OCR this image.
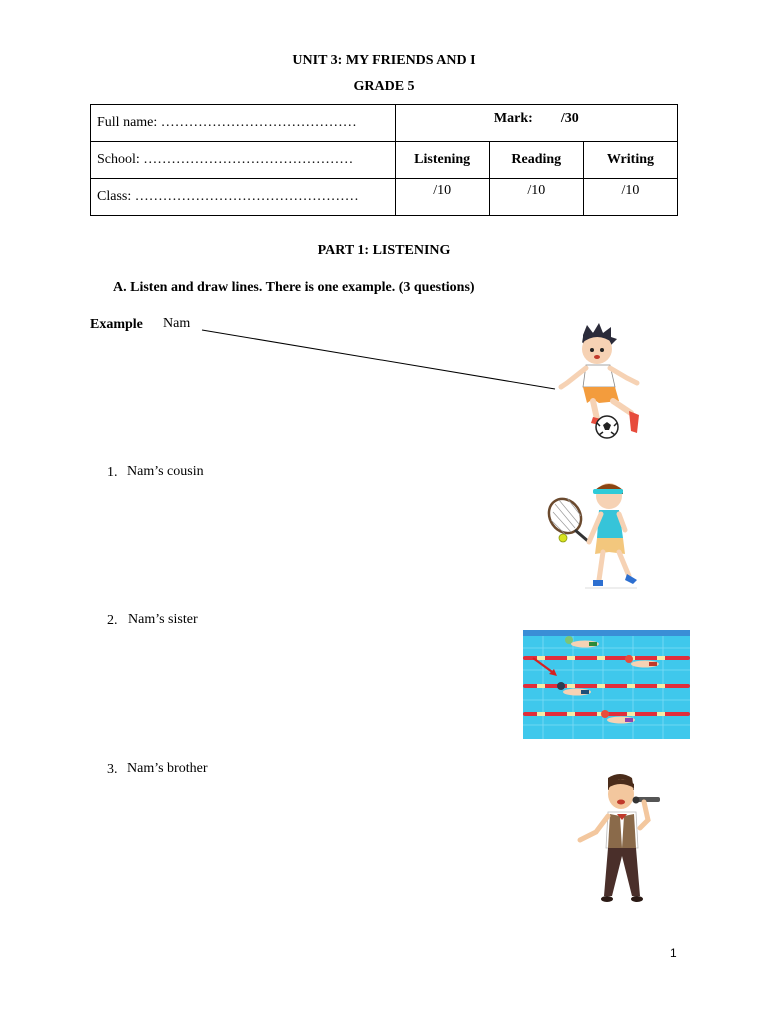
UNIT 3: MY FRIENDS AND I
GRADE 5
Full name: ……………………………………	Mark: /30		
School: ………………………………………	Listening	Reading	Writing
Class: …………………………………………	/10	/10	/10
PART 1: LISTENING
A. Listen and draw lines. There is one example. (3 questions)
Example Nam
1. Nam’s cousin
2. Nam’s sister
3. Nam’s brother
1
